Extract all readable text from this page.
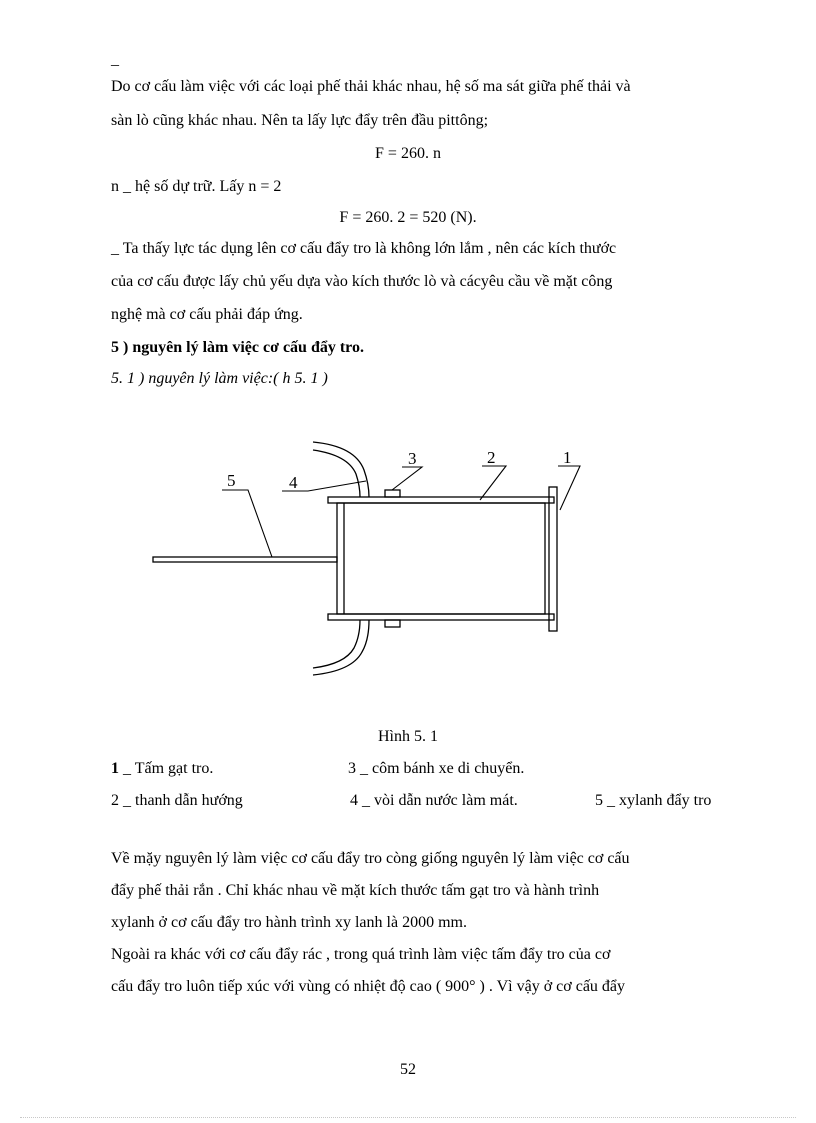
_
Do cơ cấu làm việc với các loại phế thải khác nhau, hệ số ma sát giữa phế thải và
sàn lò cũng khác nhau. Nên ta lấy lực đẩy trên đầu pittông;
F = 260. n
n _ hệ số dự trữ. Lấy n = 2
F = 260. 2 = 520 (N).
_ Ta thấy lực tác dụng lên cơ cấu đẩy tro là không lớn lắm , nên các kích thước
của cơ cấu được lấy chủ yếu dựa vào kích thước lò và cácyêu cầu về mặt công
nghệ mà cơ cấu phải đáp ứng.
5 ) nguyên lý làm việc cơ cấu đẩy tro.
5. 1 ) nguyên lý làm việc:( h 5. 1 )
1
2
3
4
5
Hình 5. 1
1 _ Tấm gạt tro.	3 _ côm bánh xe di chuyển.
2 _ thanh dẫn hướng	4 _ vòi dẫn nước làm mát.	5 _ xylanh đẩy tro
Về mặy nguyên lý làm việc cơ cấu đẩy tro còng giống nguyên lý làm việc cơ cấu
đẩy phế thải rắn . Chỉ khác nhau về mặt kích thước tấm gạt tro và hành trình
xylanh ở cơ cấu đẩy tro hành trình xy lanh là 2000 mm.
Ngoài ra khác với cơ cấu đẩy rác , trong quá trình làm việc tấm đẩy tro của cơ
cấu đẩy tro luôn tiếp xúc với vùng có nhiệt độ cao ( 900° ) . Vì vậy ở cơ cấu đẩy
52
